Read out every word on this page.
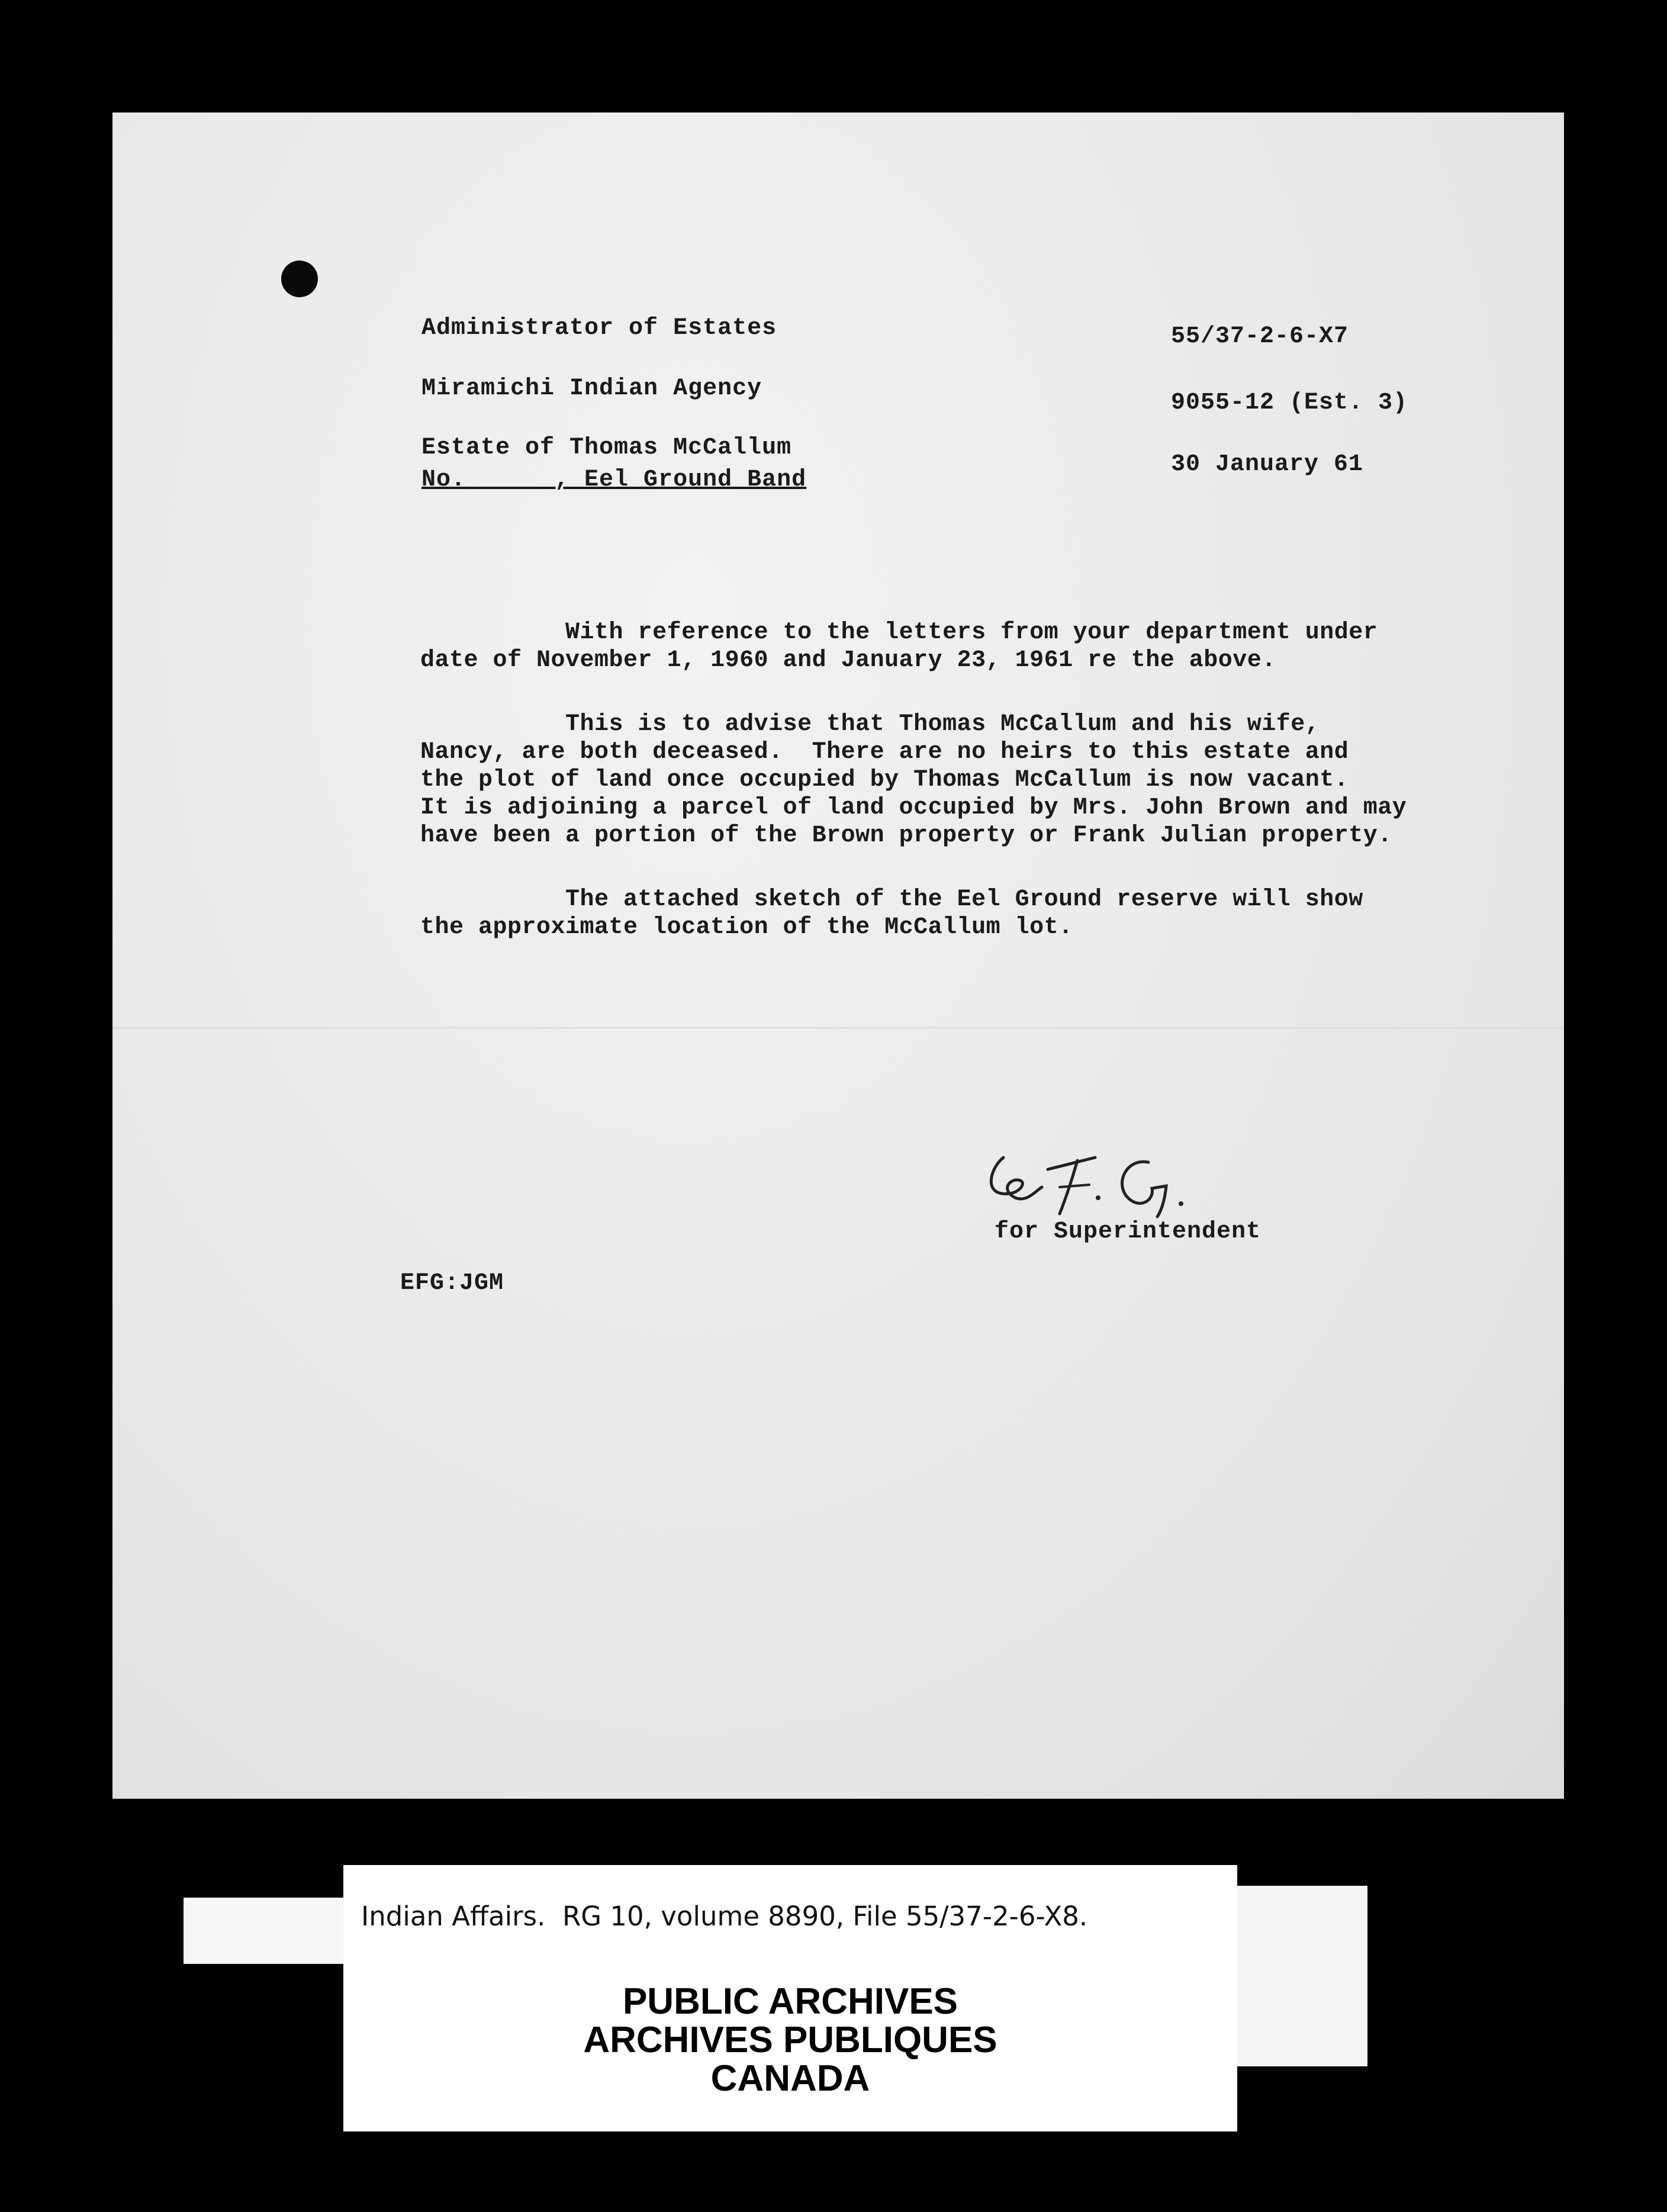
Administrator of Estates
Miramichi Indian Agency
Estate of Thomas McCallum
No.      , Eel Ground Band
55/37-2-6-X7
9055-12 (Est. 3)
30 January 61
With reference to the letters from your department under
date of November 1, 1960 and January 23, 1961 re the above.
This is to advise that Thomas McCallum and his wife,
Nancy, are both deceased.  There are no heirs to this estate and
the plot of land once occupied by Thomas McCallum is now vacant.
It is adjoining a parcel of land occupied by Mrs. John Brown and may
have been a portion of the Brown property or Frank Julian property.
The attached sketch of the Eel Ground reserve will show
the approximate location of the McCallum lot.
for Superintendent
EFG:JGM
Indian Affairs.  RG 10, volume 8890, File 55/37-2-6-X8.
PUBLIC ARCHIVES
ARCHIVES PUBLIQUES
CANADA
